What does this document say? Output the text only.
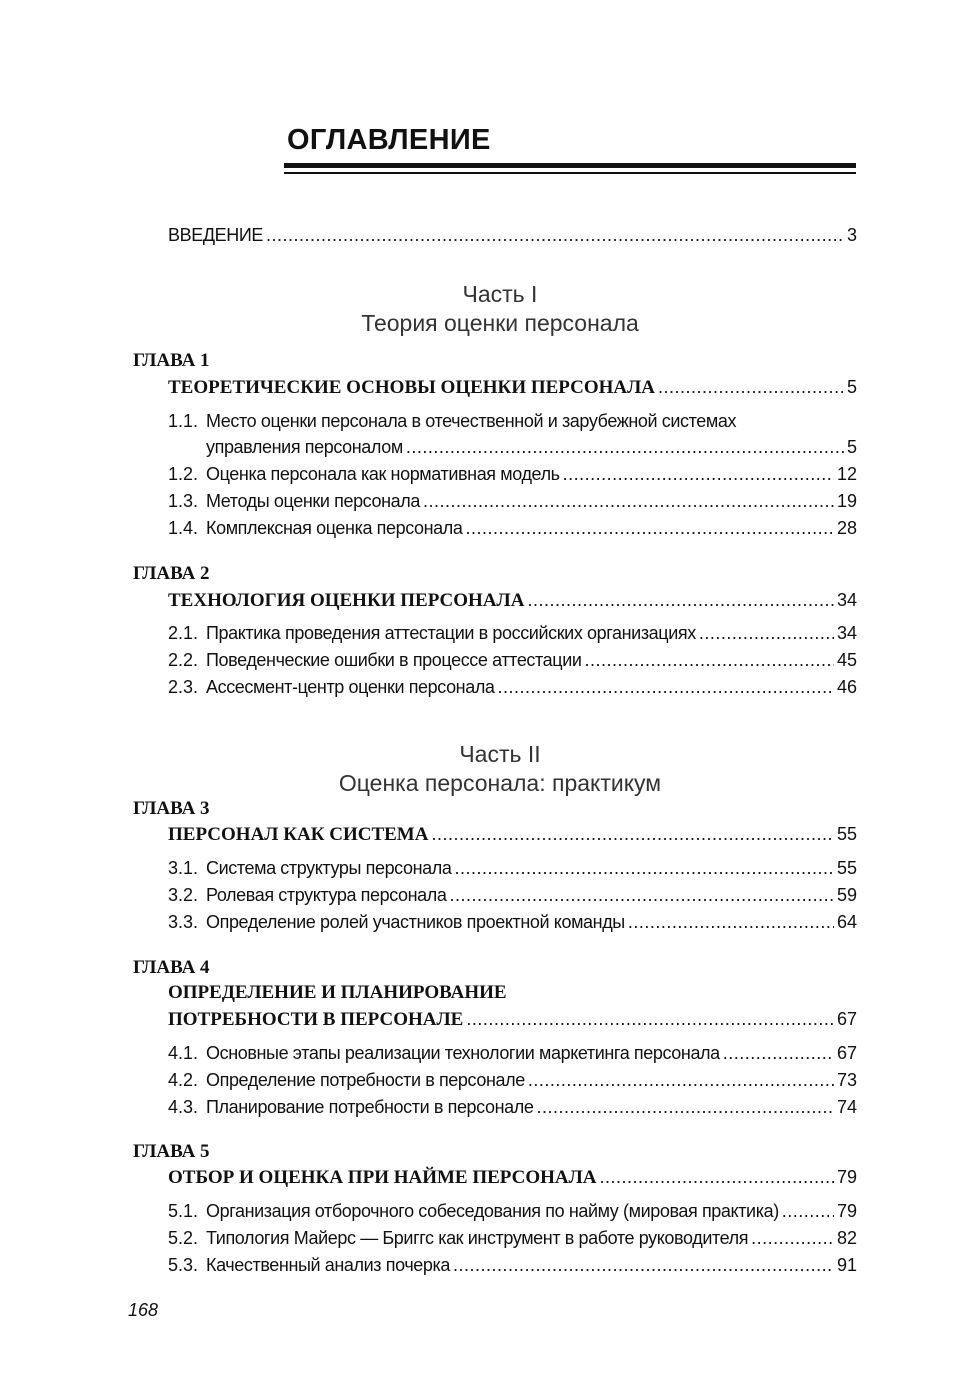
ОГЛАВЛЕНИЕ
ВВЕДЕНИЕ .....	3
Часть I
Теория оценки персонала

ГЛАВА 1

ТЕОРЕТИЧЕСКИЕ ОСНОВЫ ОЦЕНКИ ПЕРСОНАЛА .....	5
1.1. Место оценки персонала в отечественной и зарубежной системах
управления персоналом .....	5
1.2. Оценка персонала как нормативная модель .....	12
1.3. Методы оценки персонала .....	19
1.4. Комплексная оценка персонала .....	28

ГЛАВА 2

ТЕХНОЛОГИЯ ОЦЕНКИ ПЕРСОНАЛА .....	34
2.1. Практика проведения аттестации в российских организациях .....	34
2.2. Поведенческие ошибки в процессе аттестации .....	45
2.3. Ассесмент-центр оценки персонала .....	46
Часть II
Оценка персонала: практикум

ГЛАВА 3

ПЕРСОНАЛ КАК СИСТЕМА .....	55
3.1. Система структуры персонала .....	55
3.2. Ролевая структура персонала .....	59
3.3. Определение ролей участников проектной команды .....	64

ГЛАВА 4

ОПРЕДЕЛЕНИЕ И ПЛАНИРОВАНИЕ

ПОТРЕБНОСТИ В ПЕРСОНАЛЕ .....	67
4.1. Основные этапы реализации технологии маркетинга персонала .....	67
4.2. Определение потребности в персонале .....	73
4.3. Планирование потребности в персонале .....	74

ГЛАВА 5

ОТБОР И ОЦЕНКА ПРИ НАЙМЕ ПЕРСОНАЛА .....	79
5.1. Организация отборочного собеседования по найму (мировая практика) .....	79
5.2. Типология Майерс — Бриггс как инструмент в работе руководителя .....	82
5.3. Качественный анализ почерка .....	91
168
